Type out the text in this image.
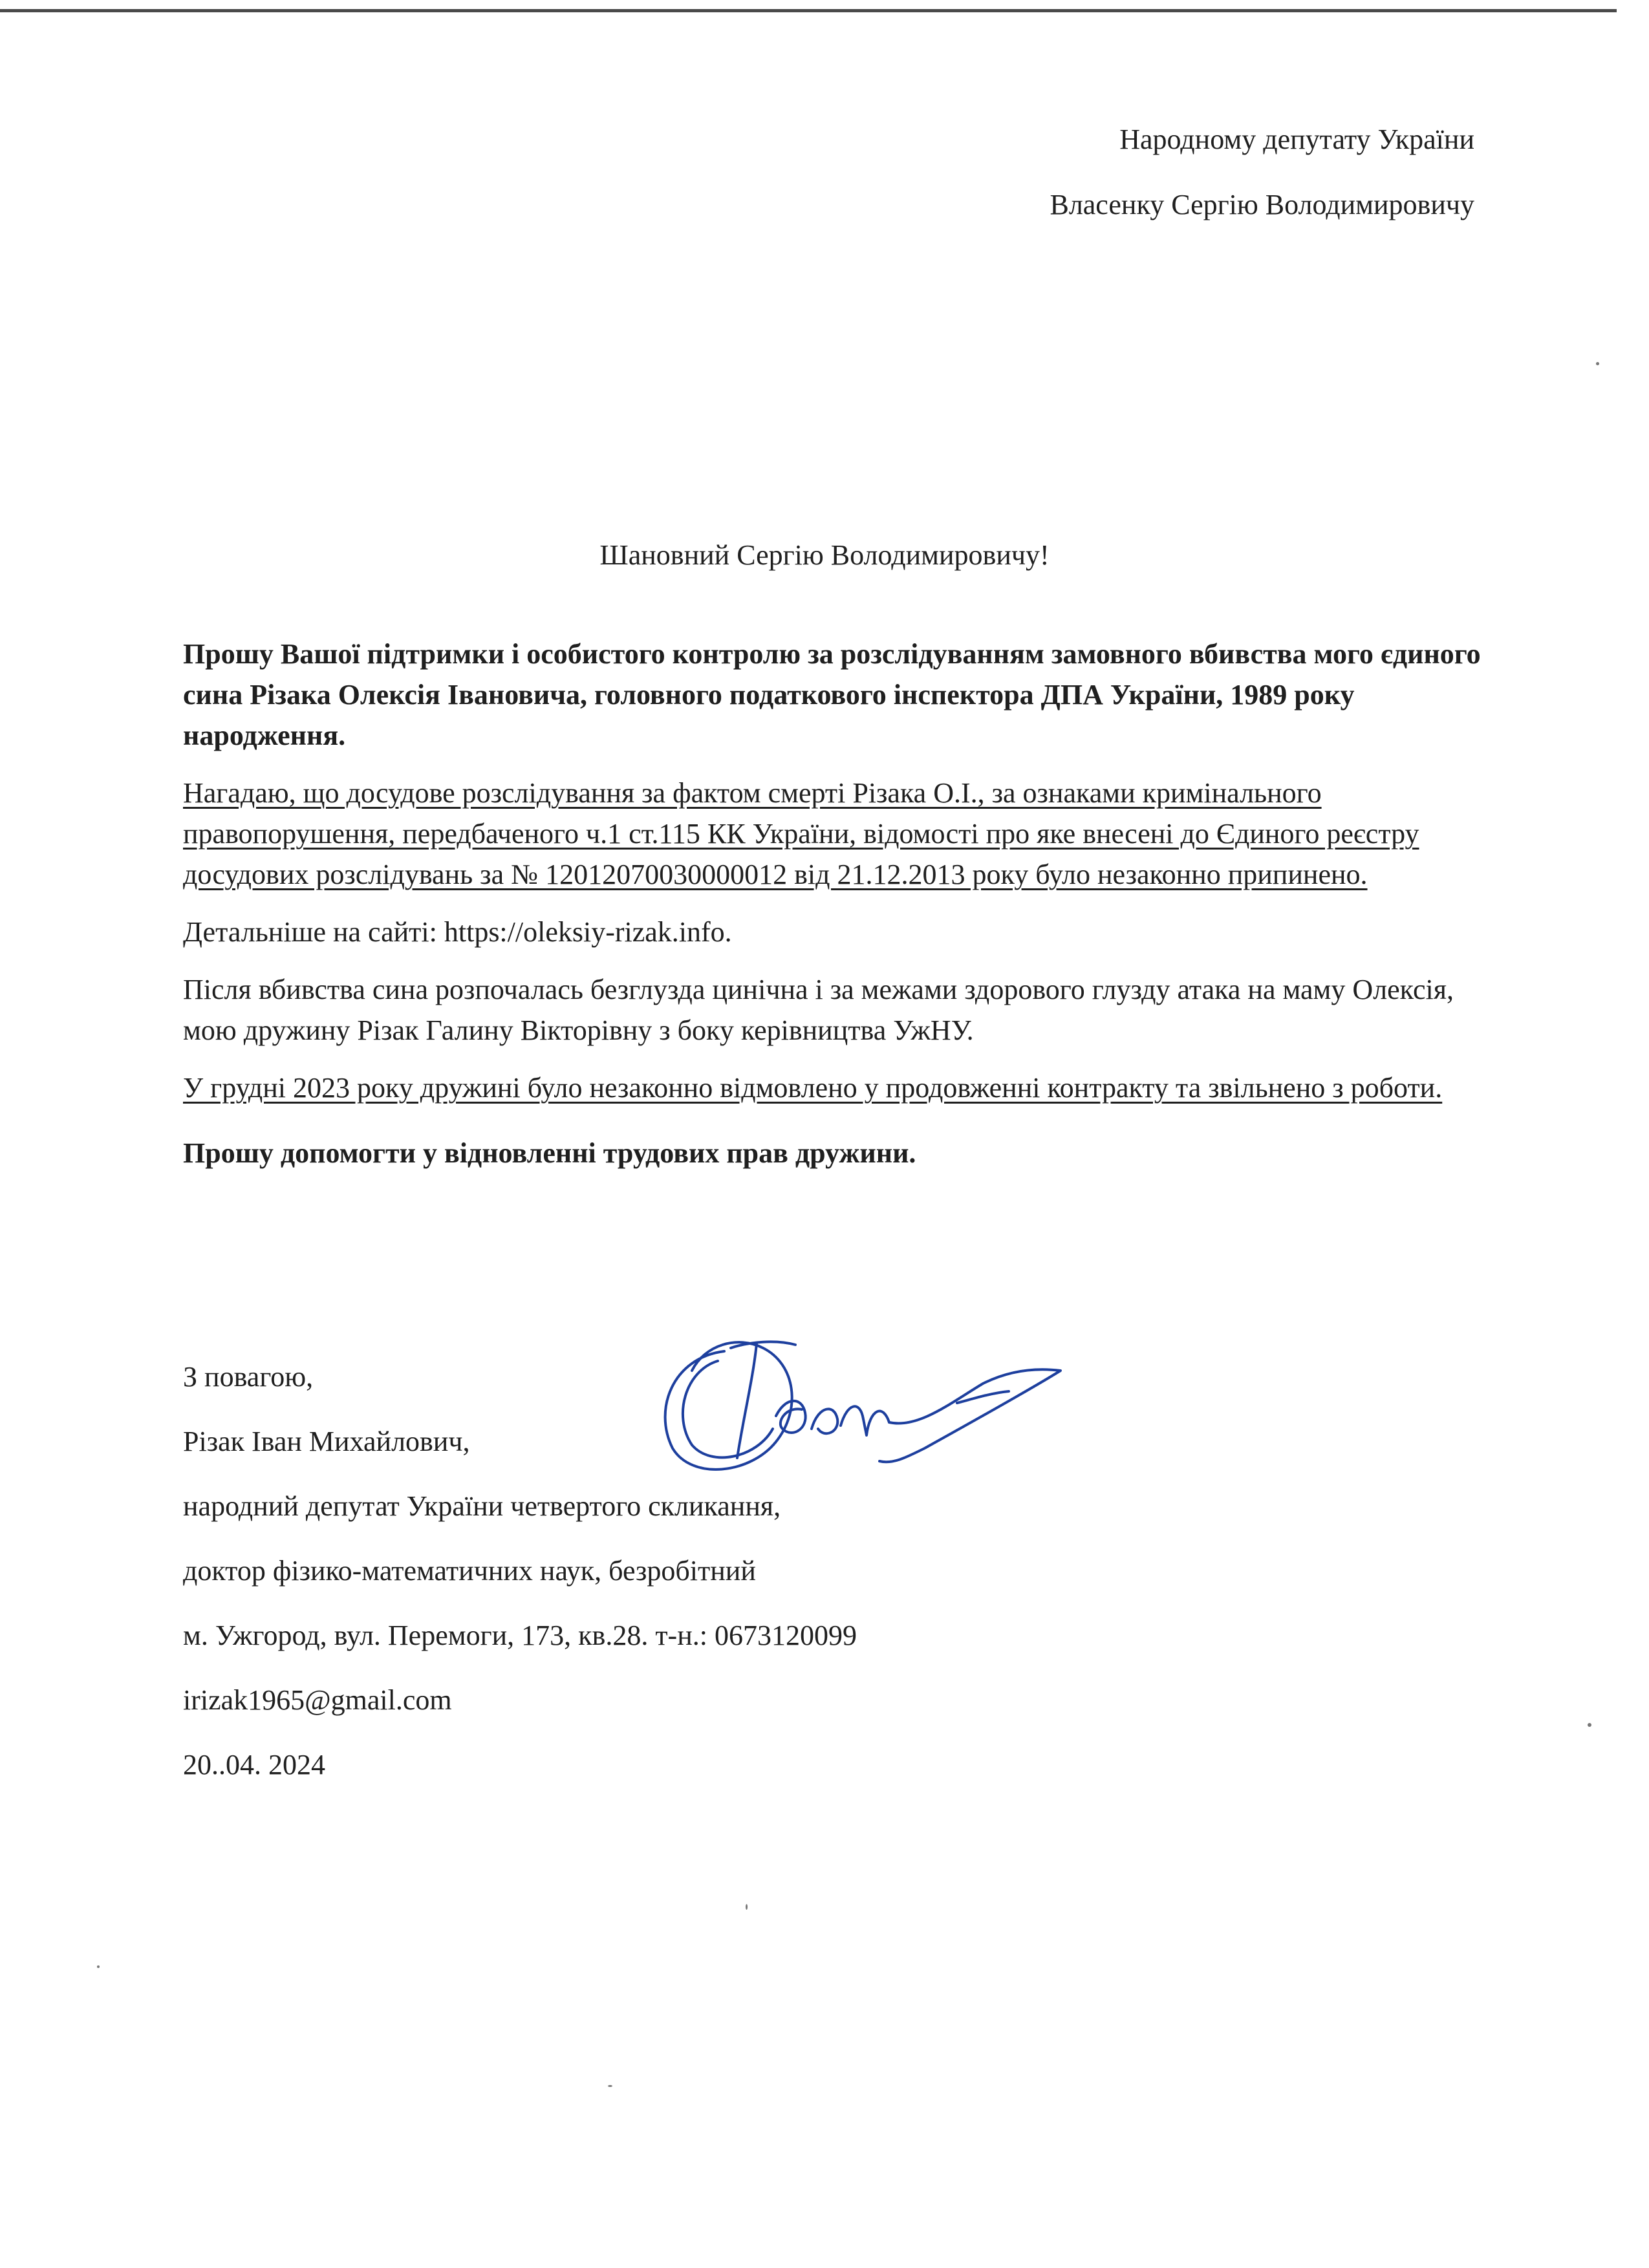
Народному депутату України
Власенку Сергію Володимировичу
Шановний Сергію Володимировичу!

Прошу Вашої підтримки і особистого контролю за розслідуванням замовного вбивства мого єдиного сина Різака Олексія Івановича, головного податкового інспектора ДПА України, 1989 року народження.

Нагадаю, що досудове розслідування за фактом смерті Різака О.І., за ознаками кримінального правопорушення, передбаченого ч.1 ст.115 КК України, відомості про яке внесені до Єдиного реєстру досудових розслідувань за № 12012070030000012 від 21.12.2013 року було незаконно припинено.

Детальніше на сайті: https://oleksiy-rizak.info.

Після вбивства сина розпочалась безглузда цинічна і за межами здорового глузду атака на маму Олексія, мою дружину Різак Галину Вікторівну з боку керівництва УжНУ.

У грудні 2023 року дружині було незаконно відмовлено у продовженні контракту та звільнено з роботи.

Прошу допомогти у відновленні трудових прав дружини.

З повагою,
Різак Іван Михайлович,
народний депутат України четвертого скликання,
доктор фізико-математичних наук, безробітний
м. Ужгород, вул. Перемоги, 173, кв.28. т-н.: 0673120099
irizak1965@gmail.com
20..04. 2024
